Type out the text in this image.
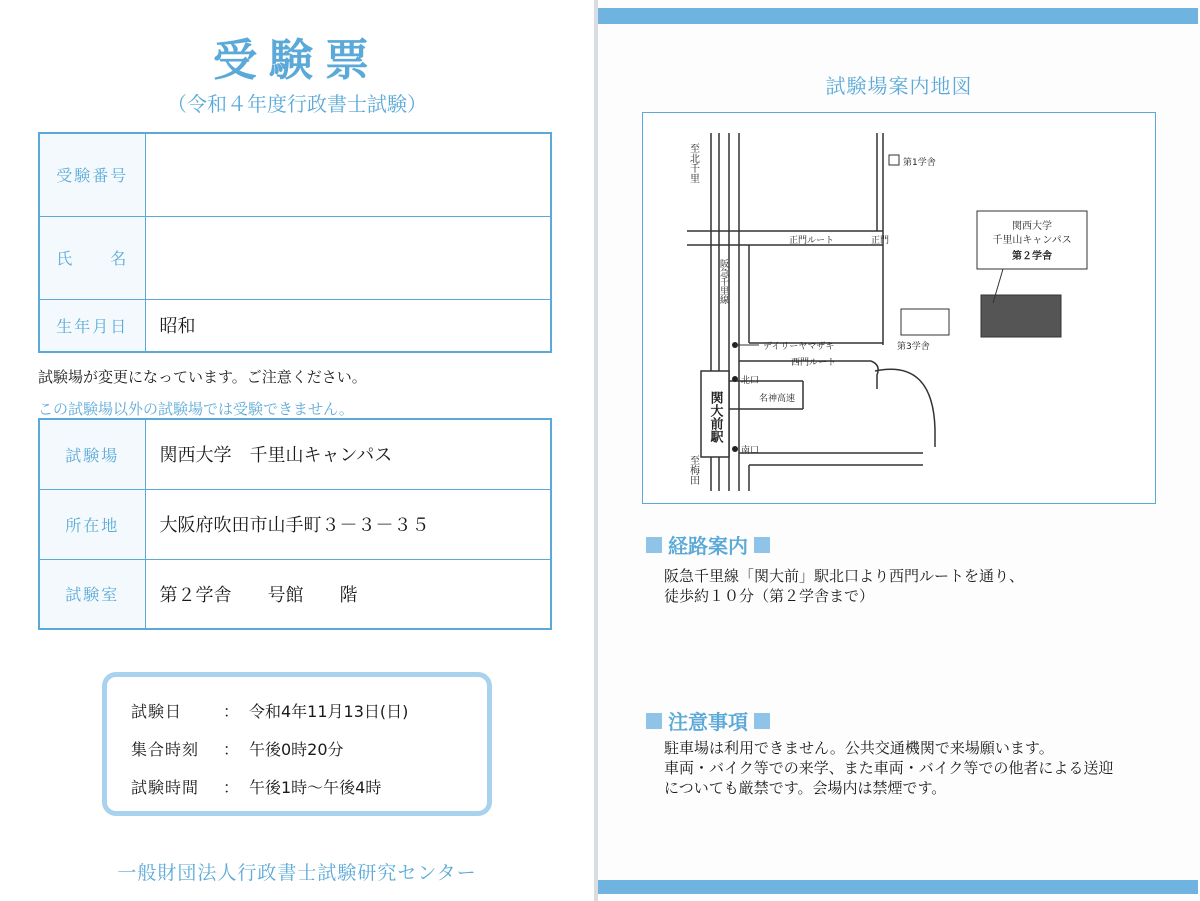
受験票
（令和４年度行政書士試験）
受験番号	
氏　　名	
生年月日	昭和
試験場が変更になっています。ご注意ください。
この試験場以外の試験場では受験できません。
試験場	関西大学　千里山キャンパス
所在地	大阪府吹田市山手町３－３－３５
試験室	第２学舎　　号館　　階
試験日	： 令和4年11月13日(日)
集合時刻	： 午後0時20分
試験時間	： 午後1時～午後4時
一般財団法人行政書士試験研究センター
試験場案内地図
至北千里
至梅田
第1学舎
関西大学
千里山キャンパス
第２学舎
正門ルート	正門
阪急千里線
デイリーヤマザキ	第3学舎
西門ルート
北口
名神高速
関大前駅
南口
経路案内
阪急千里線「関大前」駅北口より西門ルートを通り、
徒歩約１０分（第２学舎まで）
注意事項
駐車場は利用できません。公共交通機関で来場願います。
車両・バイク等での来学、また車両・バイク等での他者による送迎
についても厳禁です。会場内は禁煙です。
